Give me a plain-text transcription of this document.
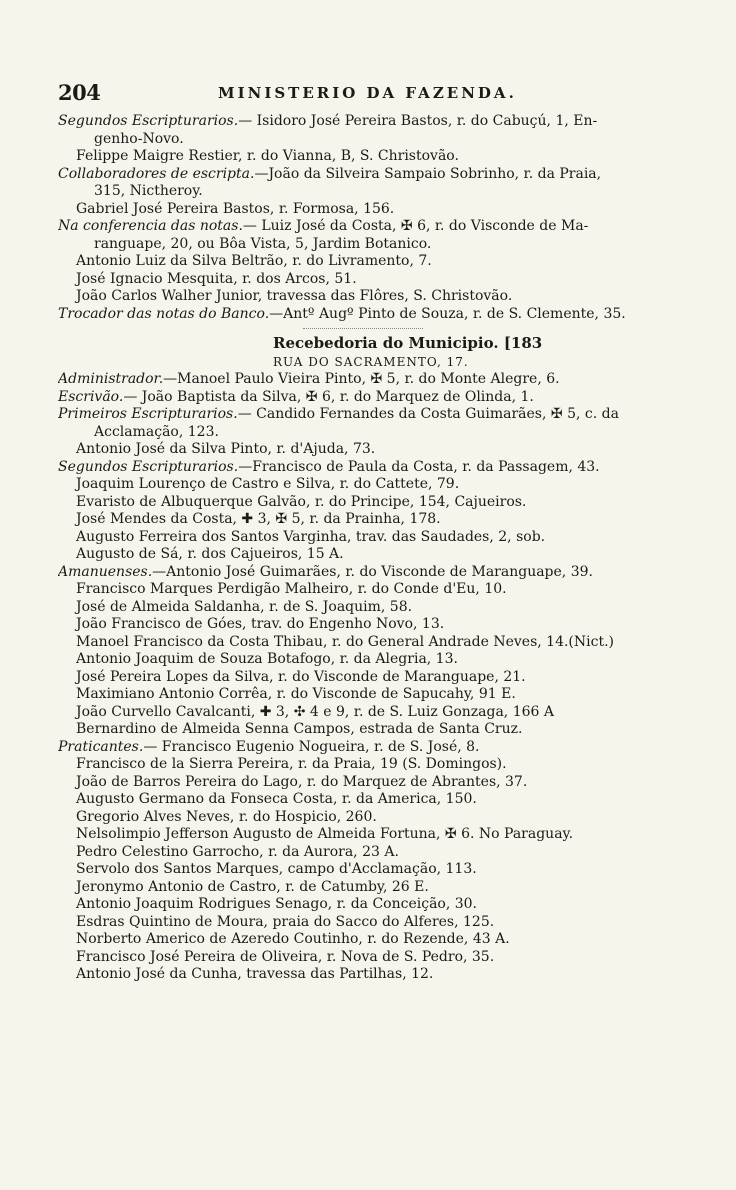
204	MINISTERIO DA FAZENDA.
Segundos Escripturarios.— Isidoro José Pereira Bastos, r. do Cabuçú, 1, En-
genho-Novo.
Felippe Maigre Restier, r. do Vianna, B, S. Christovão.
Collaboradores de escripta.—João da Silveira Sampaio Sobrinho, r. da Praia,
315, Nictheroy.
Gabriel José Pereira Bastos, r. Formosa, 156.
Na conferencia das notas.— Luiz José da Costa, ✠ 6, r. do Visconde de Ma-
ranguape, 20, ou Bôa Vista, 5, Jardim Botanico.
Antonio Luiz da Silva Beltrão, r. do Livramento, 7.
José Ignacio Mesquita, r. dos Arcos, 51.
João Carlos Walher Junior, travessa das Flôres, S. Christovão.
Trocador das notas do Banco.—Antº Augº Pinto de Souza, r. de S. Clemente, 35.
Recebedoria do Municipio. [183
RUA DO SACRAMENTO, 17.
Administrador.—Manoel Paulo Vieira Pinto, ✠ 5, r. do Monte Alegre, 6.
Escrivão.— João Baptista da Silva, ✠ 6, r. do Marquez de Olinda, 1.
Primeiros Escripturarios.— Candido Fernandes da Costa Guimarães, ✠ 5, c. da
Acclamação, 123.
Antonio José da Silva Pinto, r. d'Ajuda, 73.
Segundos Escripturarios.—Francisco de Paula da Costa, r. da Passagem, 43.
Joaquim Lourenço de Castro e Silva, r. do Cattete, 79.
Evaristo de Albuquerque Galvão, r. do Principe, 154, Cajueiros.
José Mendes da Costa, ✚ 3, ✠ 5, r. da Prainha, 178.
Augusto Ferreira dos Santos Varginha, trav. das Saudades, 2, sob.
Augusto de Sá, r. dos Cajueiros, 15 A.
Amanuenses.—Antonio José Guimarães, r. do Visconde de Maranguape, 39.
Francisco Marques Perdigão Malheiro, r. do Conde d'Eu, 10.
José de Almeida Saldanha, r. de S. Joaquim, 58.
João Francisco de Góes, trav. do Engenho Novo, 13.
Manoel Francisco da Costa Thibau, r. do General Andrade Neves, 14.(Nict.)
Antonio Joaquim de Souza Botafogo, r. da Alegria, 13.
José Pereira Lopes da Silva, r. do Visconde de Maranguape, 21.
Maximiano Antonio Corrêa, r. do Visconde de Sapucahy, 91 E.
João Curvello Cavalcanti, ✚ 3, ✣ 4 e 9, r. de S. Luiz Gonzaga, 166 A
Bernardino de Almeida Senna Campos, estrada de Santa Cruz.
Praticantes.— Francisco Eugenio Nogueira, r. de S. José, 8.
Francisco de la Sierra Pereira, r. da Praia, 19 (S. Domingos).
João de Barros Pereira do Lago, r. do Marquez de Abrantes, 37.
Augusto Germano da Fonseca Costa, r. da America, 150.
Gregorio Alves Neves, r. do Hospicio, 260.
Nelsolimpio Jefferson Augusto de Almeida Fortuna, ✠ 6. No Paraguay.
Pedro Celestino Garrocho, r. da Aurora, 23 A.
Servolo dos Santos Marques, campo d'Acclamação, 113.
Jeronymo Antonio de Castro, r. de Catumby, 26 E.
Antonio Joaquim Rodrigues Senago, r. da Conceição, 30.
Esdras Quintino de Moura, praia do Sacco do Alferes, 125.
Norberto Americo de Azeredo Coutinho, r. do Rezende, 43 A.
Francisco José Pereira de Oliveira, r. Nova de S. Pedro, 35.
Antonio José da Cunha, travessa das Partilhas, 12.
